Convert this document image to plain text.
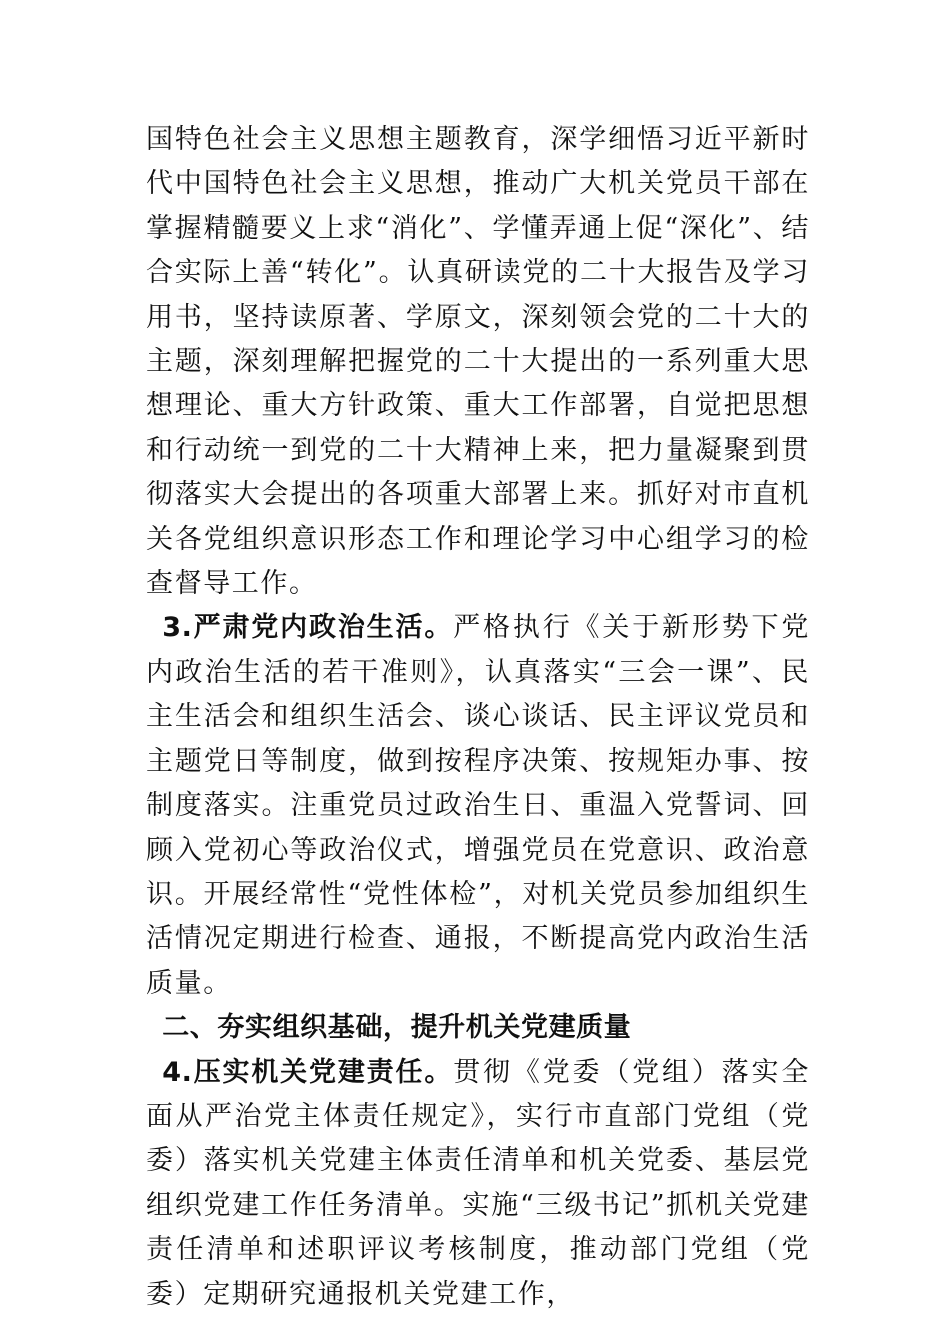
国特色社会主义思想主题教育，深学细悟习近平新时代中国特色社会主义思想，推动广大机关党员干部在掌握精髓要义上求“消化”、学懂弄通上促“深化”、结合实际上善“转化”。认真研读党的二十大报告及学习用书，坚持读原著、学原文，深刻领会党的二十大的主题，深刻理解把握党的二十大提出的一系列重大思想理论、重大方针政策、重大工作部署，自觉把思想和行动统一到党的二十大精神上来，把力量凝聚到贯彻落实大会提出的各项重大部署上来。抓好对市直机关各党组织意识形态工作和理论学习中心组学习的检查督导工作。

3.严肃党内政治生活。严格执行《关于新形势下党内政治生活的若干准则》，认真落实“三会一课”、民主生活会和组织生活会、谈心谈话、民主评议党员和主题党日等制度，做到按程序决策、按规矩办事、按制度落实。注重党员过政治生日、重温入党誓词、回顾入党初心等政治仪式，增强党员在党意识、政治意识。开展经常性“党性体检”，对机关党员参加组织生活情况定期进行检查、通报，不断提高党内政治生活质量。

二、夯实组织基础，提升机关党建质量

4.压实机关党建责任。贯彻《党委（党组）落实全面从严治党主体责任规定》，实行市直部门党组（党委）落实机关党建主体责任清单和机关党委、基层党组织党建工作任务清单。实施“三级书记”抓机关党建责任清单和述职评议考核制度，推动部门党组（党委）定期研究通报机关党建工作，
